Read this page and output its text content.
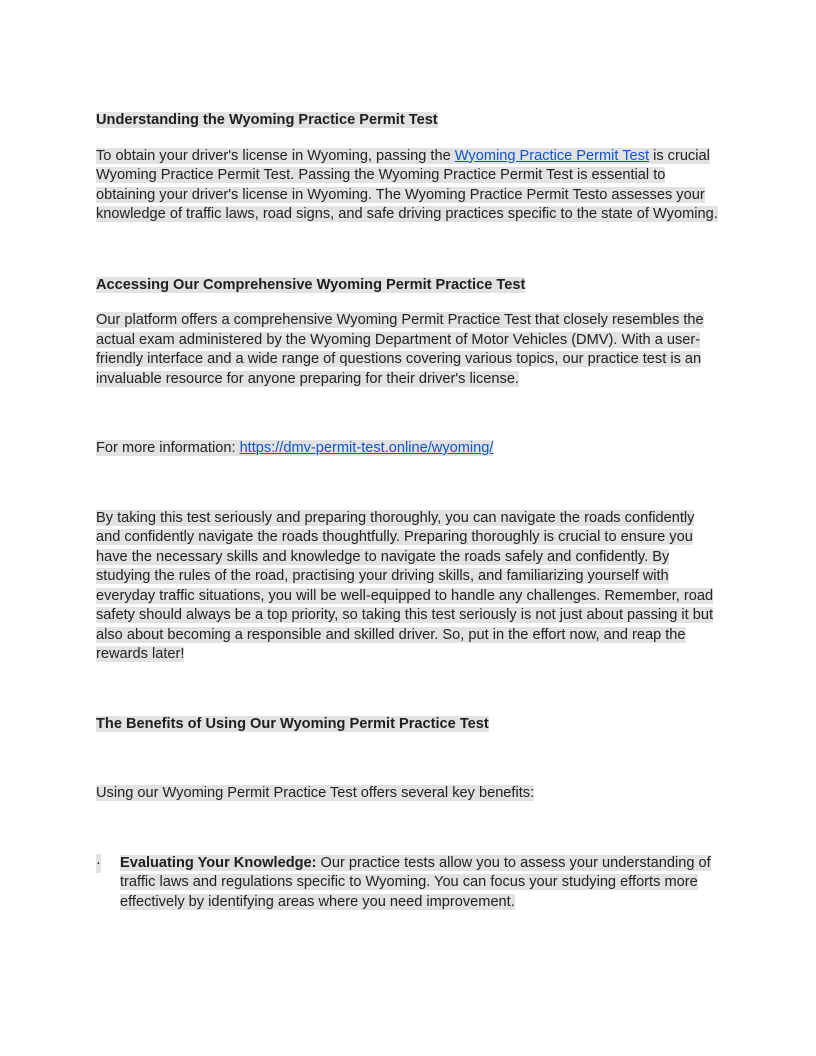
Understanding the Wyoming Practice Permit Test

To obtain your driver's license in Wyoming, passing the Wyoming Practice Permit Test is crucial Wyoming Practice Permit Test. Passing the Wyoming Practice Permit Test is essential to obtaining your driver's license in Wyoming. The Wyoming Practice Permit Testo assesses your knowledge of traffic laws, road signs, and safe driving practices specific to the state of Wyoming.

Accessing Our Comprehensive Wyoming Permit Practice Test

Our platform offers a comprehensive Wyoming Permit Practice Test that closely resembles the actual exam administered by the Wyoming Department of Motor Vehicles (DMV). With a user-friendly interface and a wide range of questions covering various topics, our practice test is an invaluable resource for anyone preparing for their driver's license.

For more information: https://dmv-permit-test.online/wyoming/

By taking this test seriously and preparing thoroughly, you can navigate the roads confidently and confidently navigate the roads thoughtfully. Preparing thoroughly is crucial to ensure you have the necessary skills and knowledge to navigate the roads safely and confidently. By studying the rules of the road, practising your driving skills, and familiarizing yourself with everyday traffic situations, you will be well-equipped to handle any challenges. Remember, road safety should always be a top priority, so taking this test seriously is not just about passing it but also about becoming a responsible and skilled driver. So, put in the effort now, and reap the rewards later!

The Benefits of Using Our Wyoming Permit Practice Test

Using our Wyoming Permit Practice Test offers several key benefits:

· Evaluating Your Knowledge: Our practice tests allow you to assess your understanding of traffic laws and regulations specific to Wyoming. You can focus your studying efforts more effectively by identifying areas where you need improvement.
